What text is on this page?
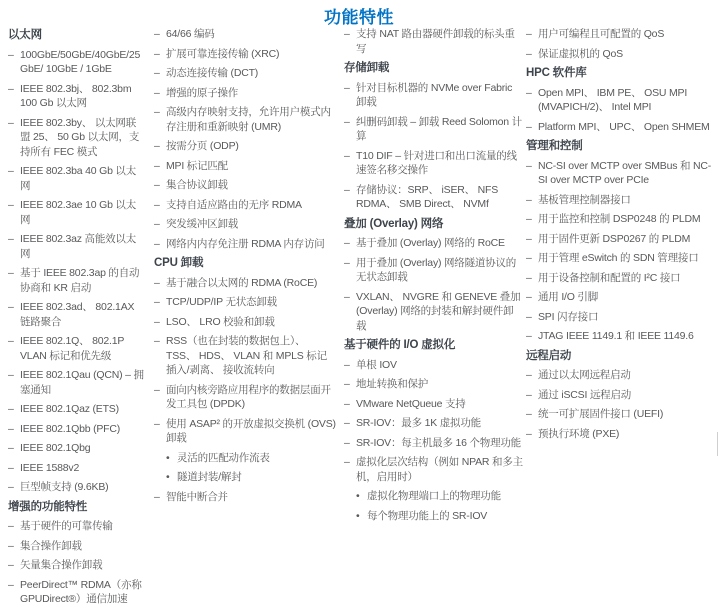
功能特性
以太网
– 100GbE/50GbE/40GbE/25GbE/ 10GbE / 1GbE
– IEEE 802.3bj、 802.3bm 100 Gb 以太网
– IEEE 802.3by、 以太网联盟 25、 50 Gb 以太网，支持所有 FEC 模式
– IEEE 802.3ba 40 Gb 以太网
– IEEE 802.3ae 10 Gb 以太网
– IEEE 802.3az 高能效以太网
– 基于 IEEE 802.3ap 的自动协商和 KR 启动
– IEEE 802.3ad、 802.1AX 链路聚合
– IEEE 802.1Q、 802.1P VLAN 标记和优先级
– IEEE 802.1Qau (QCN) – 拥塞通知
– IEEE 802.1Qaz (ETS)
– IEEE 802.1Qbb (PFC)
– IEEE 802.1Qbg
– IEEE 1588v2
– 巨型帧支持 (9.6KB)
增强的功能特性
– 基于硬件的可靠传输
– 集合操作卸载
– 矢量集合操作卸载
– PeerDirect™ RDMA（亦称 GPUDirect®）通信加速
– 64/66 编码
– 扩展可靠连接传输 (XRC)
– 动态连接传输 (DCT)
– 增强的原子操作
– 高级内存映射支持，允许用户模式内存注册和重新映射 (UMR)
– 按需分页 (ODP)
– MPI 标记匹配
– 集合协议卸载
– 支持自适应路由的无序 RDMA
– 突发缓冲区卸载
– 网络内内存免注册 RDMA 内存访问
CPU 卸载
– 基于融合以太网的 RDMA (RoCE)
– TCP/UDP/IP 无状态卸载
– LSO、 LRO 校验和卸载
– RSS（也在封装的数据包上）、 TSS、 HDS、 VLAN 和 MPLS 标记插入/剥离、 接收流转向
– 面向内核旁路应用程序的数据层面开发工具包 (DPDK)
– 使用 ASAP² 的开放虚拟交换机 (OVS) 卸载
• 灵活的匹配动作流表
• 隧道封装/解封
– 智能中断合并
– 支持 NAT 路由器硬件卸载的标头重写
存储卸载
– 针对目标机器的 NVMe over Fabric 卸载
– 纠删码卸载 – 卸载 Reed Solomon 计算
– T10 DIF – 针对进口和出口流量的线速签名移交操作
– 存储协议：SRP、 iSER、 NFS RDMA、 SMB Direct、 NVMf
叠加 (Overlay) 网络
– 基于叠加 (Overlay) 网络的 RoCE
– 用于叠加 (Overlay) 网络隧道协议的无状态卸载
– VXLAN、 NVGRE 和 GENEVE 叠加 (Overlay) 网络的封装和解封硬件卸载
基于硬件的 I/O 虚拟化
– 单根 IOV
– 地址转换和保护
– VMware NetQueue 支持
– SR-IOV：最多 1K 虚拟功能
– SR-IOV：每主机最多 16 个物理功能
– 虚拟化层次结构（例如 NPAR 和多主机，启用时）
• 虚拟化物理端口上的物理功能
• 每个物理功能上的 SR-IOV
– 用户可编程且可配置的 QoS
– 保证虚拟机的 QoS
HPC 软件库
– Open MPI、 IBM PE、 OSU MPI (MVAPICH/2)、 Intel MPI
– Platform MPI、 UPC、 Open SHMEM
管理和控制
– NC-SI over MCTP over SMBus 和 NC-SI over MCTP over PCIe
– 基板管理控制器接口
– 用于监控和控制 DSP0248 的 PLDM
– 用于固件更新 DSP0267 的 PLDM
– 用于管理 eSwitch 的 SDN 管理接口
– 用于设备控制和配置的 I²C 接口
– 通用 I/O 引脚
– SPI 闪存接口
– JTAG IEEE 1149.1 和 IEEE 1149.6
远程启动
– 通过以太网远程启动
– 通过 iSCSI 远程启动
– 统一可扩展固件接口 (UEFI)
– 预执行环境 (PXE)
